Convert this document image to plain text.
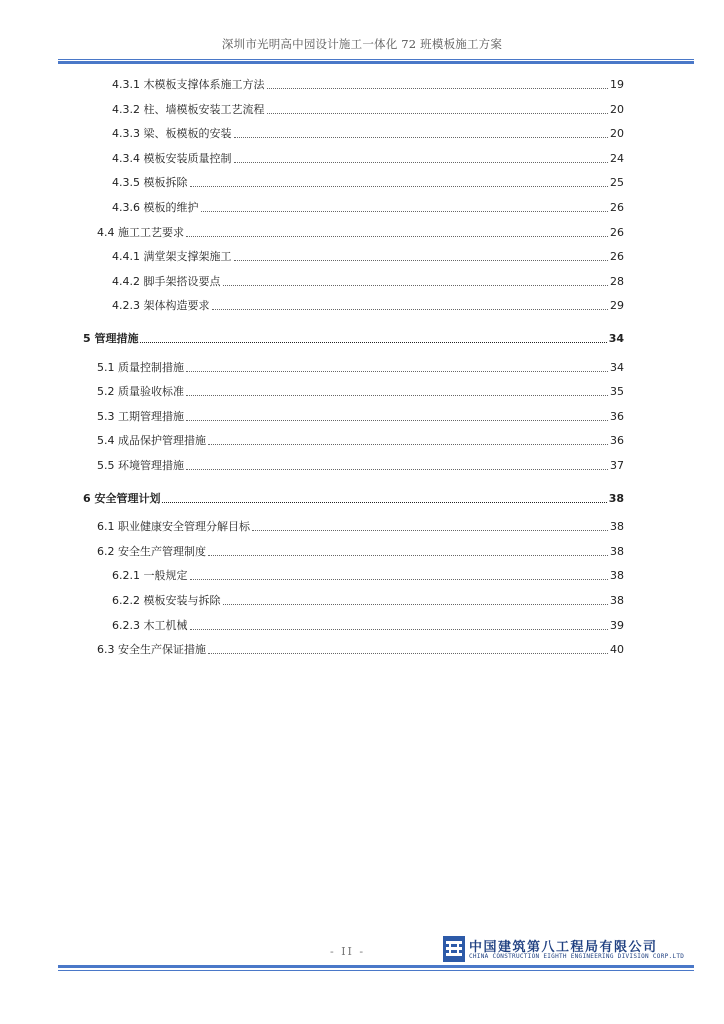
深圳市光明高中园设计施工一体化 72 班模板施工方案
4.3.1 木模板支撑体系施工方法	19
4.3.2 柱、墙模板安装工艺流程	20
4.3.3 梁、板模板的安装	20
4.3.4 模板安装质量控制	24
4.3.5 模板拆除	25
4.3.6 模板的维护	26
4.4 施工工艺要求	26
4.4.1 满堂架支撑架施工	26
4.4.2 脚手架搭设要点	28
4.2.3 架体构造要求	29
5 管理措施	34
5.1 质量控制措施	34
5.2 质量验收标准	35
5.3 工期管理措施	36
5.4 成品保护管理措施	36
5.5 环境管理措施	37
6 安全管理计划	38
6.1 职业健康安全管理分解目标	38
6.2 安全生产管理制度	38
6.2.1 一般规定	38
6.2.2 模板安装与拆除	38
6.2.3 木工机械	39
6.3 安全生产保证措施	40
- II -	中国建筑第八工程局有限公司
CHINA CONSTRUCTION EIGHTH ENGINEERING DIVISION CORP.LTD
